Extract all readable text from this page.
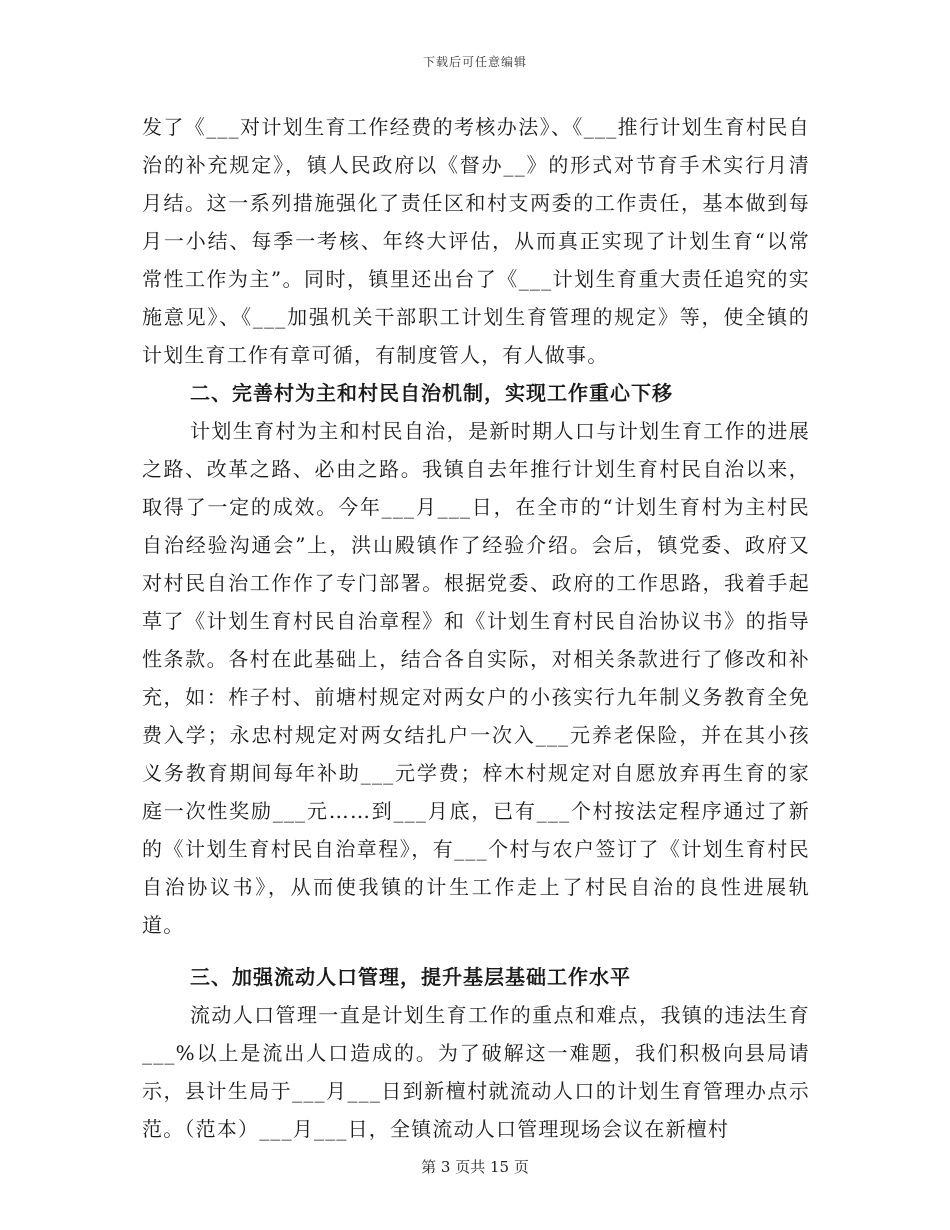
下载后可任意编辑

发了《___对计划生育工作经费的考核办法》、《___推行计划生育村民自治的补充规定》，镇人民政府以《督办__》的形式对节育手术实行月清月结。这一系列措施强化了责任区和村支两委的工作责任，基本做到每月一小结、每季一考核、年终大评估，从而真正实现了计划生育“以常常性工作为主”。同时，镇里还出台了《___计划生育重大责任追究的实施意见》、《___加强机关干部职工计划生育管理的规定》等，使全镇的计划生育工作有章可循，有制度管人，有人做事。

二、完善村为主和村民自治机制，实现工作重心下移

计划生育村为主和村民自治，是新时期人口与计划生育工作的进展之路、改革之路、必由之路。我镇自去年推行计划生育村民自治以来，取得了一定的成效。今年___月___日，在全市的“计划生育村为主村民自治经验沟通会”上，洪山殿镇作了经验介绍。会后，镇党委、政府又对村民自治工作作了专门部署。根据党委、政府的工作思路，我着手起草了《计划生育村民自治章程》和《计划生育村民自治协议书》的指导性条款。各村在此基础上，结合各自实际，对相关条款进行了修改和补充，如：柞子村、前塘村规定对两女户的小孩实行九年制义务教育全免费入学；永忠村规定对两女结扎户一次入___元养老保险，并在其小孩义务教育期间每年补助___元学费；梓木村规定对自愿放弃再生育的家庭一次性奖励___元……到___月底，已有___个村按法定程序通过了新的《计划生育村民自治章程》，有___个村与农户签订了《计划生育村民自治协议书》，从而使我镇的计生工作走上了村民自治的良性进展轨道。

三、加强流动人口管理，提升基层基础工作水平

流动人口管理一直是计划生育工作的重点和难点，我镇的违法生育___%以上是流出人口造成的。为了破解这一难题，我们积极向县局请示，县计生局于___月___日到新檀村就流动人口的计划生育管理办点示范。（范本）___月___日，全镇流动人口管理现场会议在新檀村

第 3 页共 15 页
